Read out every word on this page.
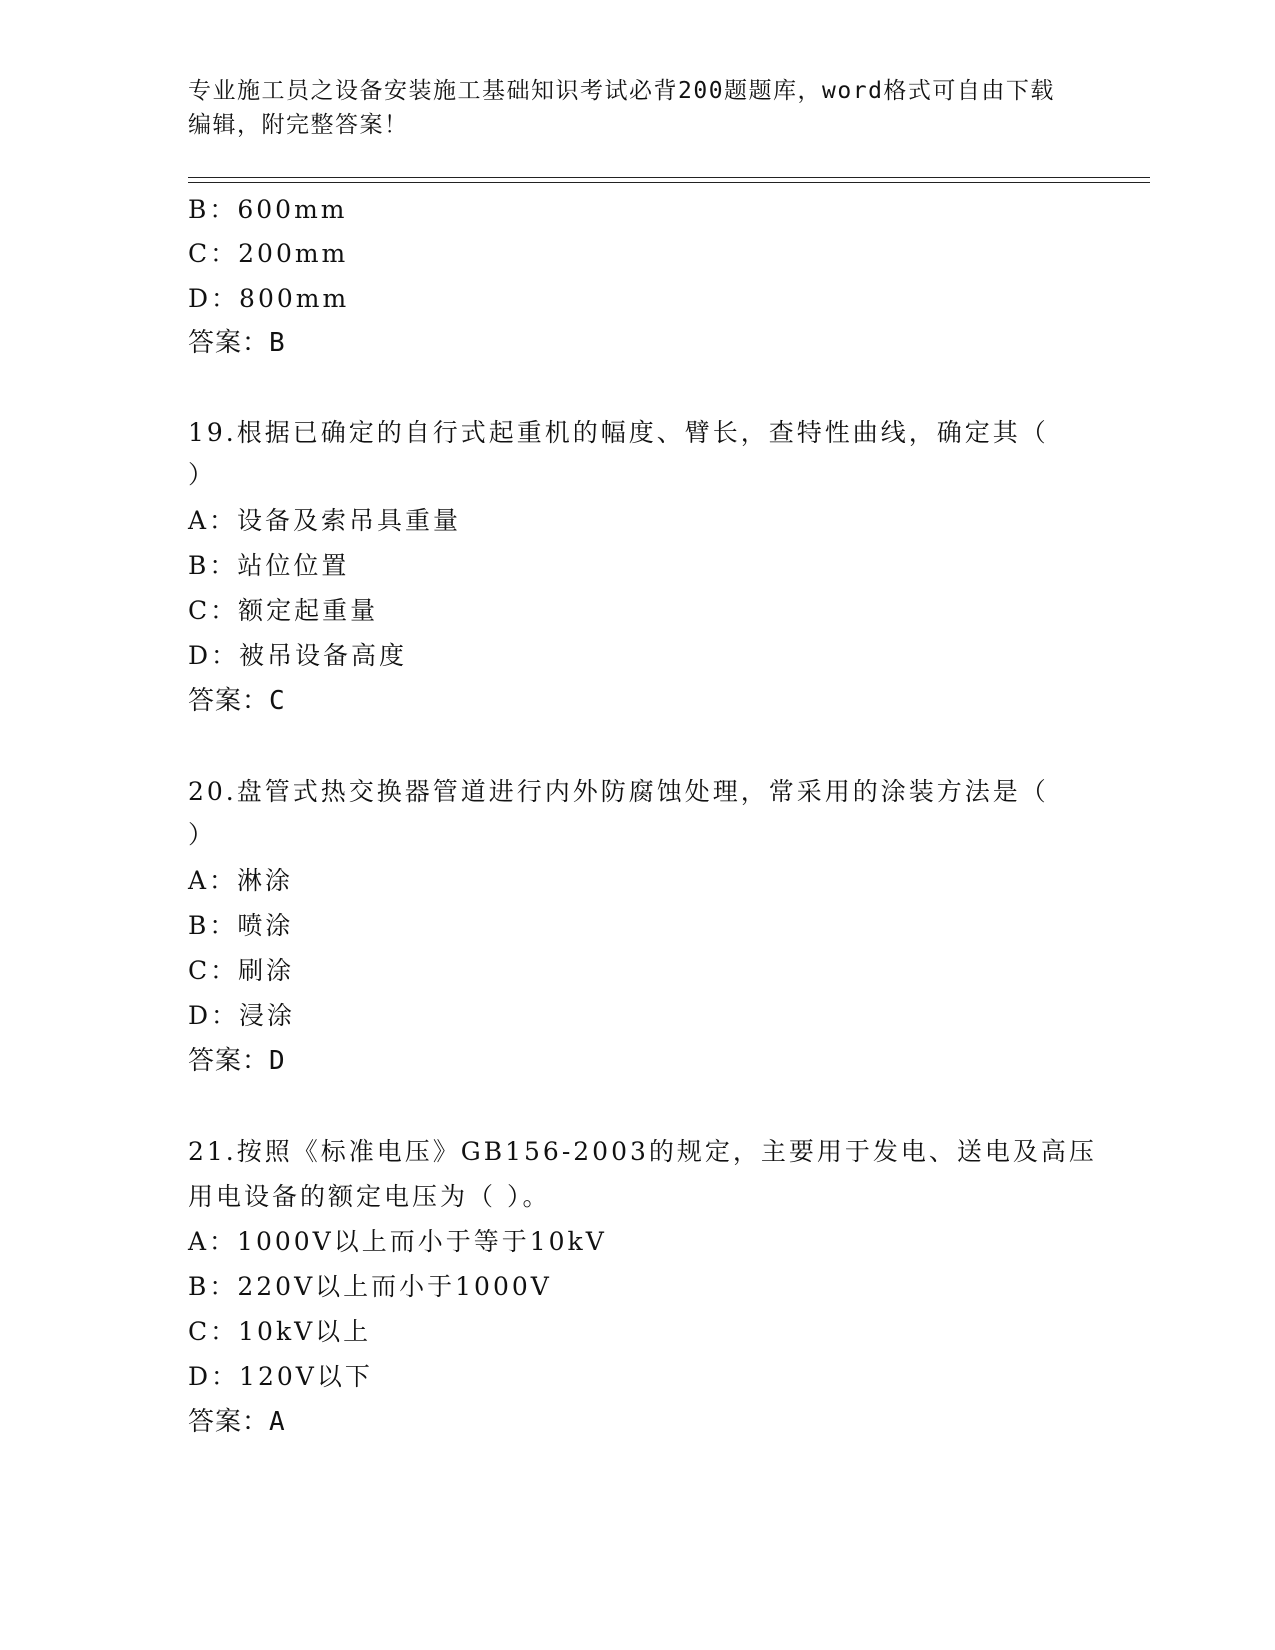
专业施工员之设备安装施工基础知识考试必背200题题库，word格式可自由下载
编辑，附完整答案！
B：600mm
C：200mm
D：800mm
答案：B
19.根据已确定的自行式起重机的幅度、臂长，查特性曲线，确定其（
）
A：设备及索吊具重量
B：站位位置
C：额定起重量
D：被吊设备高度
答案：C
20.盘管式热交换器管道进行内外防腐蚀处理，常采用的涂装方法是（
）
A：淋涂
B：喷涂
C：刷涂
D：浸涂
答案：D
21.按照《标准电压》GB156-2003的规定，主要用于发电、送电及高压
用电设备的额定电压为（ ）。
A：1000V以上而小于等于10kV
B：220V以上而小于1000V
C：10kV以上
D：120V以下
答案：A
